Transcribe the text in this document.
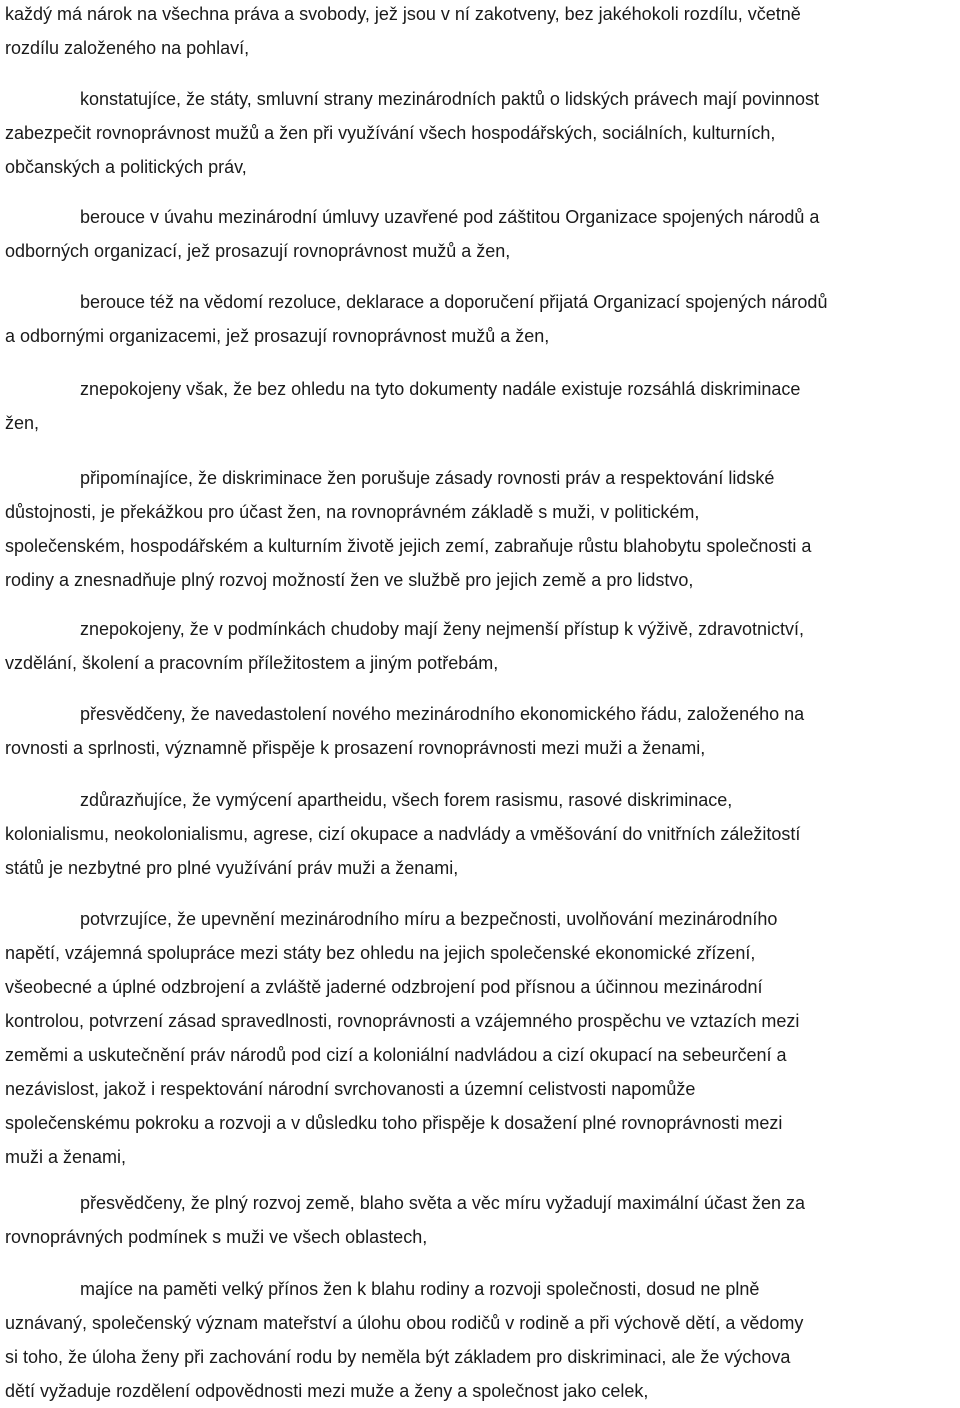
každý má nárok na všechna práva a svobody, jež jsou v ní zakotveny, bez jakéhokoli rozdílu, včetně
rozdílu založeného na pohlaví,
konstatujíce, že státy, smluvní strany mezinárodních paktů o lidských právech mají povinnost
zabezpečit rovnoprávnost mužů a žen při využívání všech hospodářských, sociálních, kulturních,
občanských a politických práv,
berouce v úvahu mezinárodní úmluvy uzavřené pod záštitou Organizace spojených národů a
odborných organizací, jež prosazují rovnoprávnost mužů a žen,
berouce též na vědomí rezoluce, deklarace a doporučení přijatá Organizací spojených národů
a odbornými organizacemi, jež prosazují rovnoprávnost mužů a žen,
znepokojeny však, že bez ohledu na tyto dokumenty nadále existuje rozsáhlá diskriminace
žen,
připomínajíce, že diskriminace žen porušuje zásady rovnosti práv a respektování lidské
důstojnosti, je překážkou pro účast žen, na rovnoprávném základě s muži, v politickém,
společenském, hospodářském a kulturním životě jejich zemí, zabraňuje růstu blahobytu společnosti a
rodiny a znesnadňuje plný rozvoj možností žen ve službě pro jejich země a pro lidstvo,
znepokojeny, že v podmínkách chudoby mají ženy nejmenší přístup k výživě, zdravotnictví,
vzdělání, školení a pracovním příležitostem a jiným potřebám,
přesvědčeny, že navedastolení nového mezinárodního ekonomického řádu, založeného na
rovnosti a sprlnosti, významně přispěje k prosazení rovnoprávnosti mezi muži a ženami,
zdůrazňujíce, že vymýcení apartheidu, všech forem rasismu, rasové diskriminace,
kolonialismu, neokolonialismu, agrese, cizí okupace a nadvlády a vměšování do vnitřních záležitostí
států je nezbytné pro plné využívání práv muži a ženami,
potvrzujíce, že upevnění mezinárodního míru a bezpečnosti, uvolňování mezinárodního
napětí, vzájemná spolupráce mezi státy bez ohledu na jejich společenské ekonomické zřízení,
všeobecné a úplné odzbrojení a zvláště jaderné odzbrojení pod přísnou a účinnou mezinárodní
kontrolou, potvrzení zásad spravedlnosti, rovnoprávnosti a vzájemného prospěchu ve vztazích mezi
zeměmi a uskutečnění práv národů pod cizí a koloniální nadvládou a cizí okupací na sebeurčení a
nezávislost, jakož i respektování národní svrchovanosti a územní celistvosti napomůže
společenskému pokroku a rozvoji a v důsledku toho přispěje k dosažení plné rovnoprávnosti mezi
muži a ženami,
přesvědčeny, že plný rozvoj země, blaho světa a věc míru vyžadují maximální účast žen za
rovnoprávných podmínek s muži ve všech oblastech,
majíce na paměti velký přínos žen k blahu rodiny a rozvoji společnosti, dosud ne plně
uznávaný, společenský význam mateřství a úlohu obou rodičů v rodině a při výchově dětí, a vědomy
si toho, že úloha ženy při zachování rodu by neměla být základem pro diskriminaci, ale že výchova
dětí vyžaduje rozdělení odpovědnosti mezi muže a ženy a společnost jako celek,
